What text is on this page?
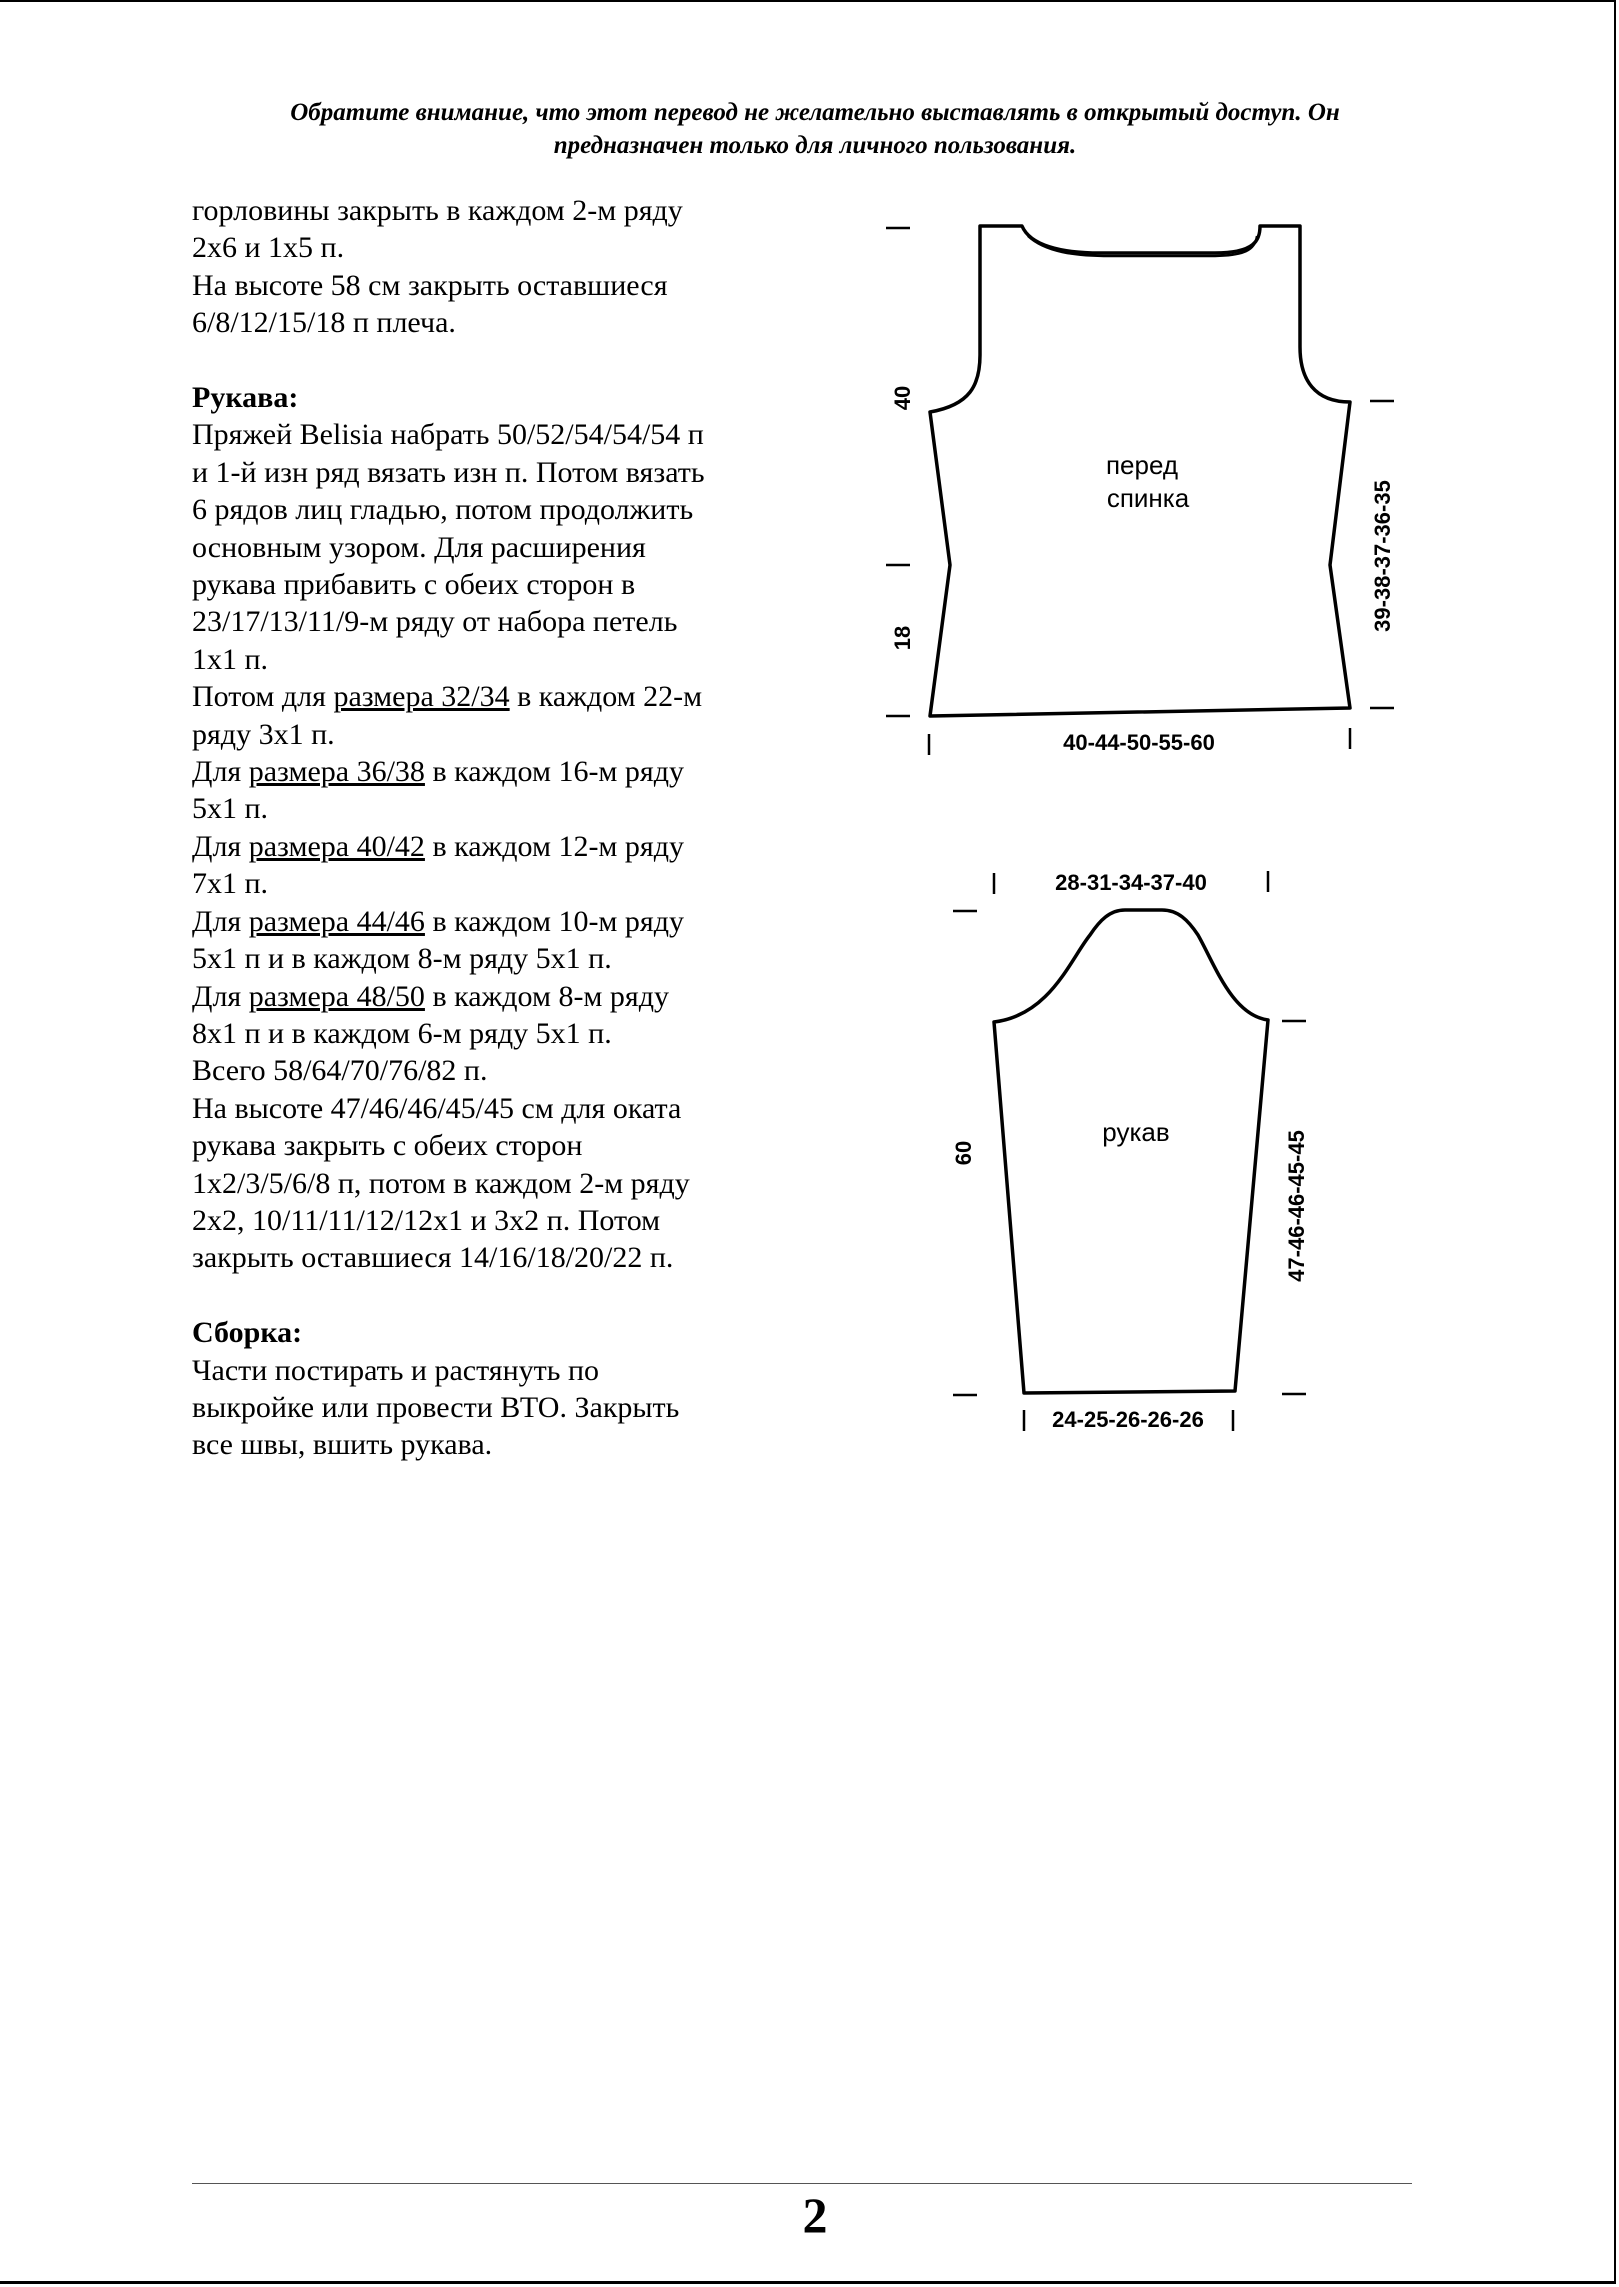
Обратите внимание, что этот перевод не желательно выставлять в открытый доступ. Он
предназначен только для личного пользования.

горловины закрыть в каждом 2-м ряду

2х6 и 1х5 п.

На высоте 58 см закрыть оставшиеся

6/8/12/15/18 п плеча.

Рукава:

Пряжей Belisia набрать 50/52/54/54/54 п

и 1-й изн ряд вязать изн п. Потом вязать

6 рядов лиц гладью, потом продолжить

основным узором. Для расширения

рукава прибавить с обеих сторон в

23/17/13/11/9-м ряду от набора петель

1х1 п.

Потом для размера 32/34 в каждом 22-м

ряду 3х1 п.

Для размера 36/38 в каждом 16-м ряду

5х1 п.

Для размера 40/42 в каждом 12-м ряду

7х1 п.

Для размера 44/46 в каждом 10-м ряду

5х1 п и в каждом 8-м ряду 5х1 п.

Для размера 48/50 в каждом 8-м ряду

8х1 п и в каждом 6-м ряду 5х1 п.

Всего 58/64/70/76/82 п.

На высоте 47/46/46/45/45 см для оката

рукава закрыть с обеих сторон

1х2/3/5/6/8 п, потом в каждом 2-м ряду

2х2, 10/11/11/12/12х1 и 3х2 п. Потом

закрыть оставшиеся 14/16/18/20/22 п.

Сборка:

Части постирать и растянуть по

выкройке или провести ВТО. Закрыть

все швы, вшить рукава.

перед
спинка
40
18
39-38-37-36-35
40-44-50-55-60
рукав
28-31-34-37-40
60	47-46-46-45-45
24-25-26-26-26
2
